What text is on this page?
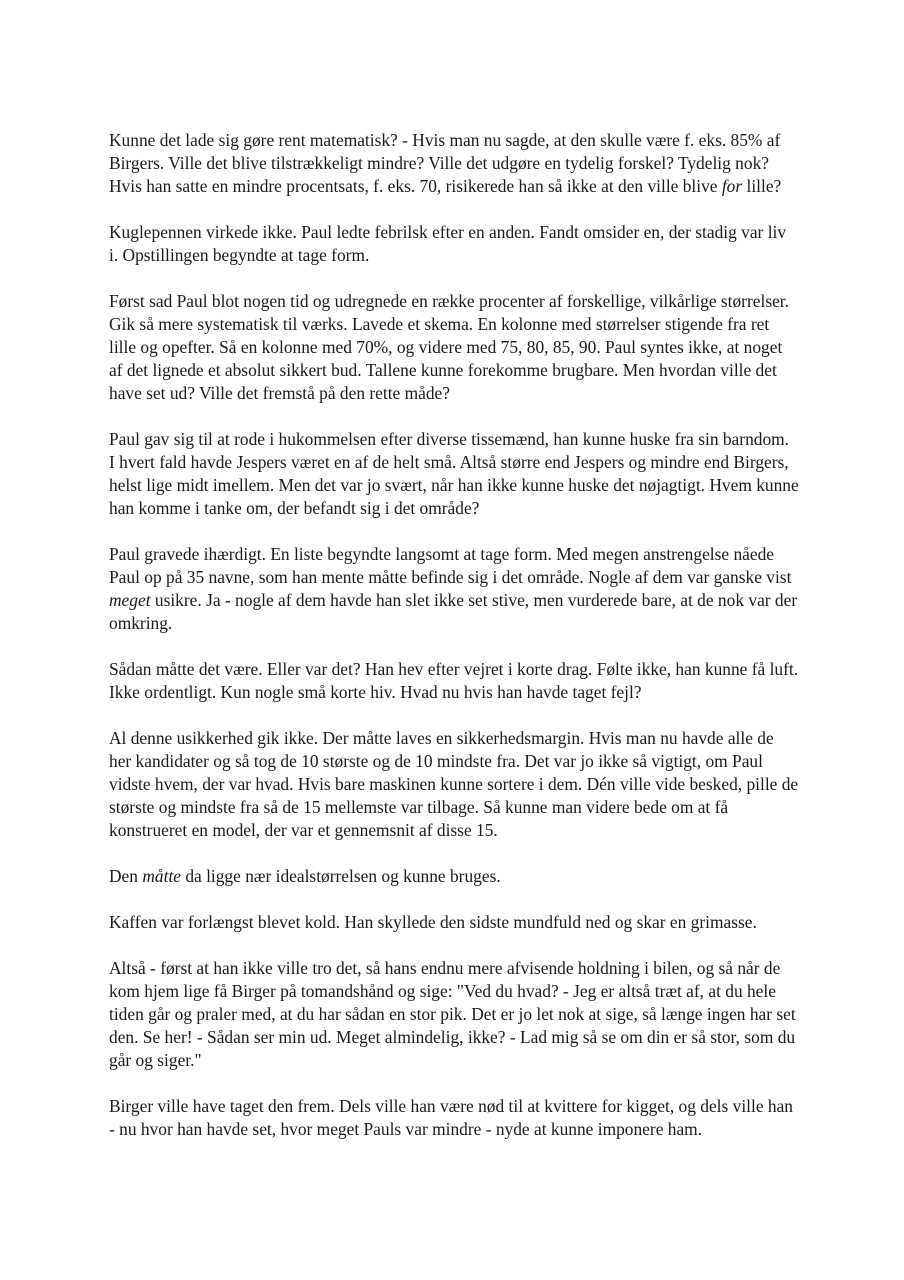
Kunne det lade sig gøre rent matematisk? - Hvis man nu sagde, at den skulle være f. eks. 85% af Birgers. Ville det blive tilstrækkeligt mindre? Ville det udgøre en tydelig forskel? Tydelig nok? Hvis han satte en mindre procentsats, f. eks. 70, risikerede han så ikke at den ville blive for lille?

Kuglepennen virkede ikke. Paul ledte febrilsk efter en anden. Fandt omsider en, der stadig var liv i. Opstillingen begyndte at tage form.

Først sad Paul blot nogen tid og udregnede en række procenter af forskellige, vilkårlige størrelser. Gik så mere systematisk til værks. Lavede et skema. En kolonne med størrelser stigende fra ret lille og opefter. Så en kolonne med 70%, og videre med 75, 80, 85, 90. Paul syntes ikke, at noget af det lignede et absolut sikkert bud. Tallene kunne forekomme brugbare. Men hvordan ville det have set ud? Ville det fremstå på den rette måde?

Paul gav sig til at rode i hukommelsen efter diverse tissemænd, han kunne huske fra sin barndom. I hvert fald havde Jespers været en af de helt små. Altså større end Jespers og mindre end Birgers, helst lige midt imellem. Men det var jo svært, når han ikke kunne huske det nøjagtigt. Hvem kunne han komme i tanke om, der befandt sig i det område?

Paul gravede ihærdigt. En liste begyndte langsomt at tage form. Med megen anstrengelse nåede Paul op på 35 navne, som han mente måtte befinde sig i det område. Nogle af dem var ganske vist meget usikre. Ja - nogle af dem havde han slet ikke set stive, men vurderede bare, at de nok var der omkring.

Sådan måtte det være. Eller var det? Han hev efter vejret i korte drag. Følte ikke, han kunne få luft. Ikke ordentligt. Kun nogle små korte hiv. Hvad nu hvis han havde taget fejl?

Al denne usikkerhed gik ikke. Der måtte laves en sikkerhedsmargin. Hvis man nu havde alle de her kandidater og så tog de 10 største og de 10 mindste fra. Det var jo ikke så vigtigt, om Paul vidste hvem, der var hvad. Hvis bare maskinen kunne sortere i dem. Dén ville vide besked, pille de største og mindste fra så de 15 mellemste var tilbage. Så kunne man videre bede om at få konstrueret en model, der var et gennemsnit af disse 15.

Den måtte da ligge nær idealstørrelsen og kunne bruges.

Kaffen var forlængst blevet kold. Han skyllede den sidste mundfuld ned og skar en grimasse.

Altså - først at han ikke ville tro det, så hans endnu mere afvisende holdning i bilen, og så når de kom hjem lige få Birger på tomandshånd og sige: "Ved du hvad? - Jeg er altså træt af, at du hele tiden går og praler med, at du har sådan en stor pik. Det er jo let nok at sige, så længe ingen har set den. Se her! - Sådan ser min ud. Meget almindelig, ikke? - Lad mig så se om din er så stor, som du går og siger."

Birger ville have taget den frem. Dels ville han være nød til at kvittere for kigget, og dels ville han - nu hvor han havde set, hvor meget Pauls var mindre - nyde at kunne imponere ham.
